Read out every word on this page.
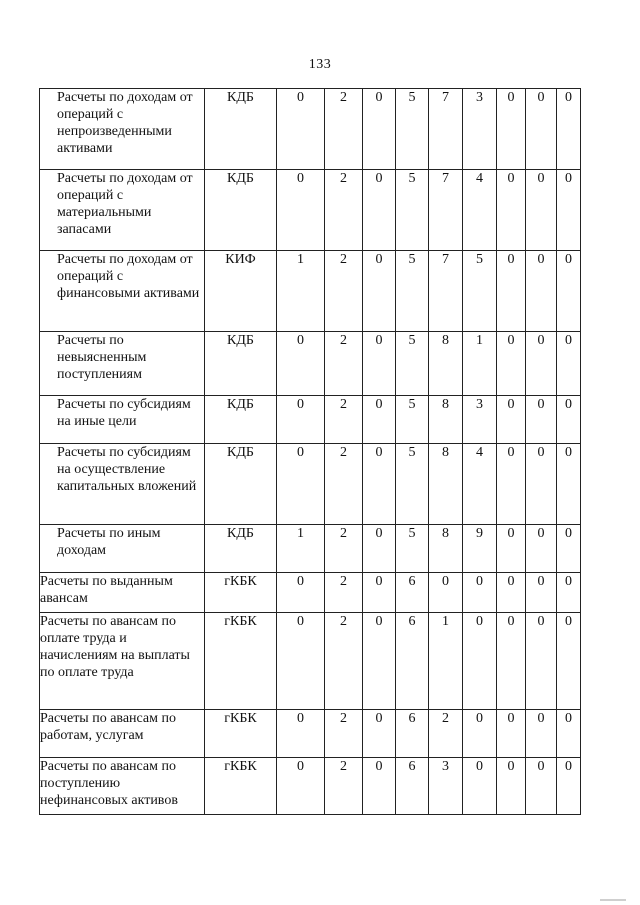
133
Расчеты по доходам от операций с непроизведенными активами	КДБ	0	2	0	5	7	3	0	0	0
Расчеты по доходам от операций с материальными запасами	КДБ	0	2	0	5	7	4	0	0	0
Расчеты по доходам от операций с финансовыми активами	КИФ	1	2	0	5	7	5	0	0	0
Расчеты по невыясненным поступлениям	КДБ	0	2	0	5	8	1	0	0	0
Расчеты по субсидиям на иные цели	КДБ	0	2	0	5	8	3	0	0	0
Расчеты по субсидиям на осуществление капитальных вложений	КДБ	0	2	0	5	8	4	0	0	0
Расчеты по иным доходам	КДБ	1	2	0	5	8	9	0	0	0
Расчеты по выданным авансам	гКБК	0	2	0	6	0	0	0	0	0
Расчеты по авансам по оплате труда и начислениям на выплаты по оплате труда	гКБК	0	2	0	6	1	0	0	0	0
Расчеты по авансам по работам, услугам	гКБК	0	2	0	6	2	0	0	0	0
Расчеты по авансам по поступлению нефинансовых активов	гКБК	0	2	0	6	3	0	0	0	0
